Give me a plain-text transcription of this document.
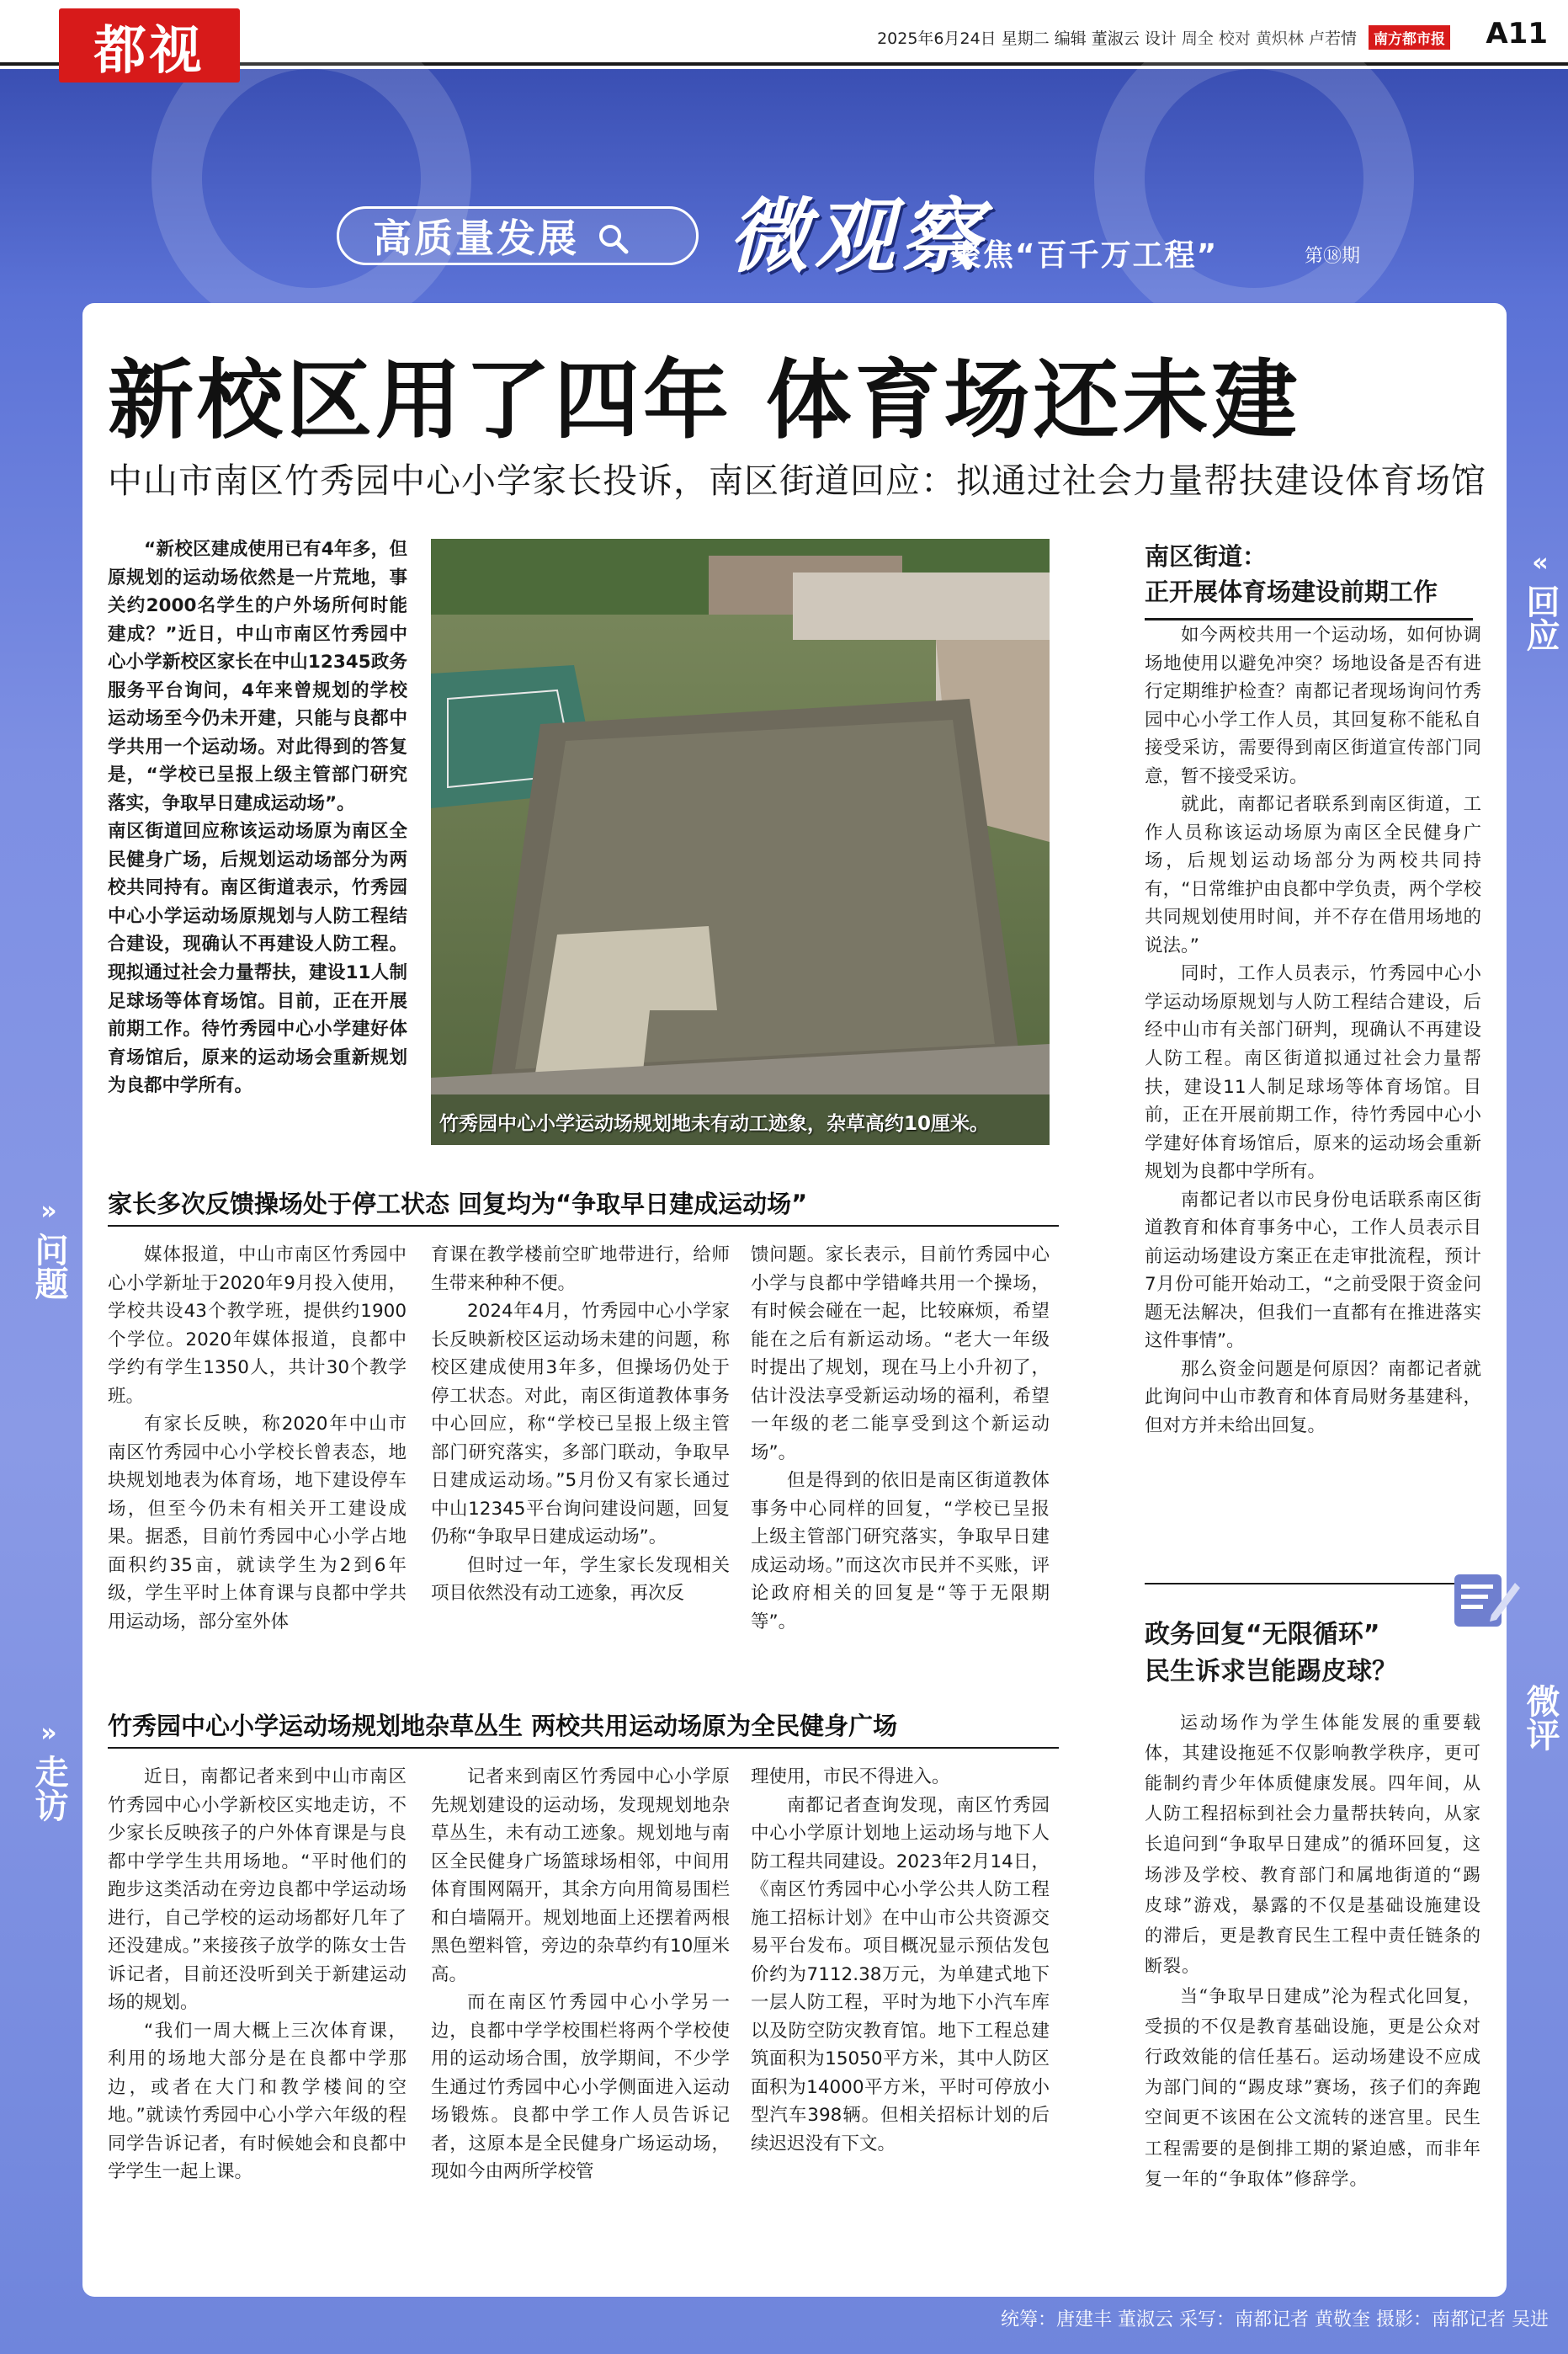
2025年6月24日 星期二 编辑 董淑云 设计 周全 校对 黄炽林 卢若情	南方都市报 A11
都视
高质量发展 微观察
聚焦“百千万工程”	第⑱期
«
回应
»
问题
»
走访
微评
新校区用了四年 体育场还未建
中山市南区竹秀园中心小学家长投诉，南区街道回应：拟通过社会力量帮扶建设体育场馆

“新校区建成使用已有4年多，但原规划的运动场依然是一片荒地，事关约2000名学生的户外场所何时能建成？”近日，中山市南区竹秀园中心小学新校区家长在中山12345政务服务平台询问，4年来曾规划的学校运动场至今仍未开建，只能与良都中学共用一个运动场。对此得到的答复是，“学校已呈报上级主管部门研究落实，争取早日建成运动场”。

南区街道回应称该运动场原为南区全民健身广场，后规划运动场部分为两校共同持有。南区街道表示，竹秀园中心小学运动场原规划与人防工程结合建设，现确认不再建设人防工程。现拟通过社会力量帮扶，建设11人制足球场等体育场馆。目前，正在开展前期工作。待竹秀园中心小学建好体育场馆后，原来的运动场会重新规划为良都中学所有。

竹秀园中心小学运动场规划地未有动工迹象，杂草高约10厘米。
南区街道：
正开展体育场建设前期工作

如今两校共用一个运动场，如何协调场地使用以避免冲突？场地设备是否有进行定期维护检查？南都记者现场询问竹秀园中心小学工作人员，其回复称不能私自接受采访，需要得到南区街道宣传部门同意，暂不接受采访。

就此，南都记者联系到南区街道，工作人员称该运动场原为南区全民健身广场，后规划运动场部分为两校共同持有，“日常维护由良都中学负责，两个学校共同规划使用时间，并不存在借用场地的说法。”

同时，工作人员表示，竹秀园中心小学运动场原规划与人防工程结合建设，后经中山市有关部门研判，现确认不再建设人防工程。南区街道拟通过社会力量帮扶，建设11人制足球场等体育场馆。目前，正在开展前期工作，待竹秀园中心小学建好体育场馆后，原来的运动场会重新规划为良都中学所有。

南都记者以市民身份电话联系南区街道教育和体育事务中心，工作人员表示目前运动场建设方案正在走审批流程，预计7月份可能开始动工，“之前受限于资金问题无法解决，但我们一直都有在推进落实这件事情”。

那么资金问题是何原因？南都记者就此询问中山市教育和体育局财务基建科，但对方并未给出回复。

家长多次反馈操场处于停工状态 回复均为“争取早日建成运动场”

媒体报道，中山市南区竹秀园中心小学新址于2020年9月投入使用，学校共设43个教学班，提供约1900个学位。2020年媒体报道，良都中学约有学生1350人，共计30个教学班。

有家长反映，称2020年中山市南区竹秀园中心小学校长曾表态，地块规划地表为体育场，地下建设停车场，但至今仍未有相关开工建设成果。据悉，目前竹秀园中心小学占地面积约35亩，就读学生为2到6年级，学生平时上体育课与良都中学共用运动场，部分室外体

育课在教学楼前空旷地带进行，给师生带来种种不便。

2024年4月，竹秀园中心小学家长反映新校区运动场未建的问题，称校区建成使用3年多，但操场仍处于停工状态。对此，南区街道教体事务中心回应，称“学校已呈报上级主管部门研究落实，多部门联动，争取早日建成运动场。”5月份又有家长通过中山12345平台询问建设问题，回复仍称“争取早日建成运动场”。

但时过一年，学生家长发现相关项目依然没有动工迹象，再次反

馈问题。家长表示，目前竹秀园中心小学与良都中学错峰共用一个操场，有时候会碰在一起，比较麻烦，希望能在之后有新运动场。“老大一年级时提出了规划，现在马上小升初了，估计没法享受新运动场的福利，希望一年级的老二能享受到这个新运动场”。

但是得到的依旧是南区街道教体事务中心同样的回复，“学校已呈报上级主管部门研究落实，争取早日建成运动场。”而这次市民并不买账，评论政府相关的回复是“等于无限期等”。	政务回复“无限循环”
民生诉求岂能踢皮球？

运动场作为学生体能发展的重要载体，其建设拖延不仅影响教学秩序，更可能制约青少年体质健康发展。四年间，从人防工程招标到社会力量帮扶转向，从家长追问到“争取早日建成”的循环回复，这场涉及学校、教育部门和属地街道的“踢皮球”游戏，暴露的不仅是基础设施建设的滞后，更是教育民生工程中责任链条的断裂。

当“争取早日建成”沦为程式化回复，受损的不仅是教育基础设施，更是公众对行政效能的信任基石。运动场建设不应成为部门间的“踢皮球”赛场，孩子们的奔跑空间更不该困在公文流转的迷宫里。民生工程需要的是倒排工期的紧迫感，而非年复一年的“争取体”修辞学。

竹秀园中心小学运动场规划地杂草丛生 两校共用运动场原为全民健身广场

近日，南都记者来到中山市南区竹秀园中心小学新校区实地走访，不少家长反映孩子的户外体育课是与良都中学学生共用场地。“平时他们的跑步这类活动在旁边良都中学运动场进行，自己学校的运动场都好几年了还没建成。”来接孩子放学的陈女士告诉记者，目前还没听到关于新建运动场的规划。

“我们一周大概上三次体育课，利用的场地大部分是在良都中学那边，或者在大门和教学楼间的空地。”就读竹秀园中心小学六年级的程同学告诉记者，有时候她会和良都中学学生一起上课。

记者来到南区竹秀园中心小学原先规划建设的运动场，发现规划地杂草丛生，未有动工迹象。规划地与南区全民健身广场篮球场相邻，中间用体育围网隔开，其余方向用简易围栏和白墙隔开。规划地面上还摆着两根黑色塑料管，旁边的杂草约有10厘米高。

而在南区竹秀园中心小学另一边，良都中学学校围栏将两个学校使用的运动场合围，放学期间，不少学生通过竹秀园中心小学侧面进入运动场锻炼。良都中学工作人员告诉记者，这原本是全民健身广场运动场，现如今由两所学校管

理使用，市民不得进入。

南都记者查询发现，南区竹秀园中心小学原计划地上运动场与地下人防工程共同建设。2023年2月14日，《南区竹秀园中心小学公共人防工程施工招标计划》在中山市公共资源交易平台发布。项目概况显示预估发包价约为7112.38万元，为单建式地下一层人防工程，平时为地下小汽车库以及防空防灾教育馆。地下工程总建筑面积为15050平方米，其中人防区面积为14000平方米，平时可停放小型汽车398辆。但相关招标计划的后续迟迟没有下文。

统筹：唐建丰 董淑云 采写：南都记者 黄敬奎 摄影：南都记者 吴进
